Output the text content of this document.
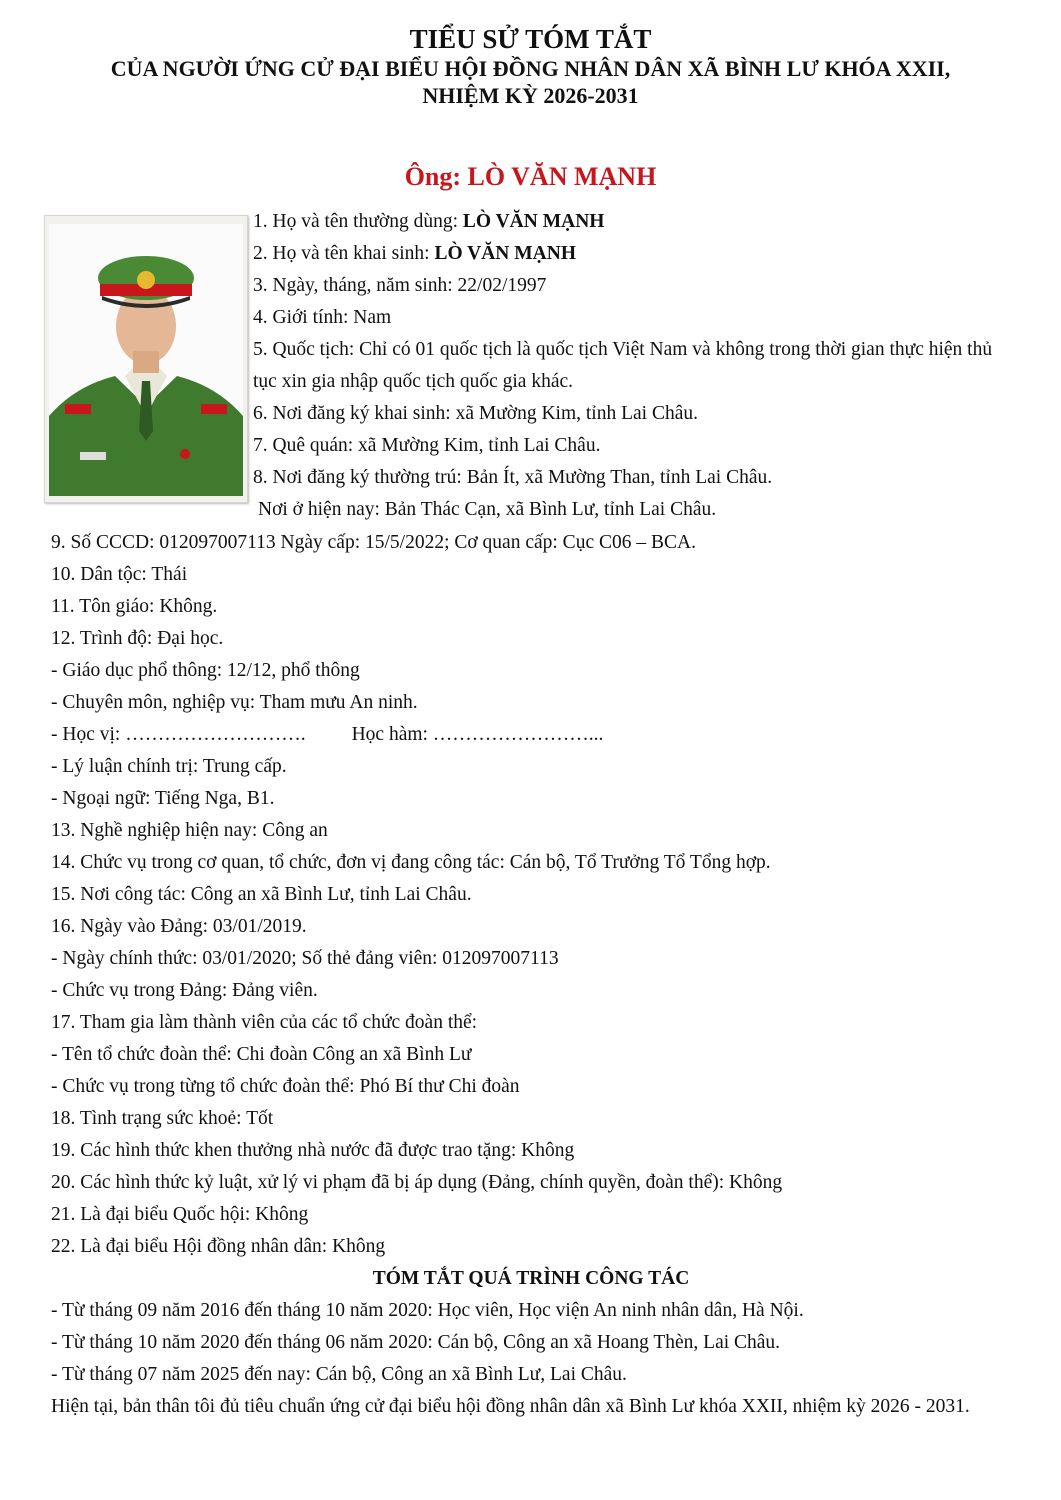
TIỂU SỬ TÓM TẮT
CỦA NGƯỜI ỨNG CỬ ĐẠI BIỂU HỘI ĐỒNG NHÂN DÂN XÃ BÌNH LƯ KHÓA XXII,
NHIỆM KỲ 2026-2031
Ông: LÒ VĂN MẠNH
1. Họ và tên thường dùng: LÒ VĂN MẠNH
2. Họ và tên khai sinh: LÒ VĂN MẠNH
3. Ngày, tháng, năm sinh: 22/02/1997
4. Giới tính: Nam
5. Quốc tịch: Chỉ có 01 quốc tịch là quốc tịch Việt Nam và không trong thời gian thực hiện thủ tục xin gia nhập quốc tịch quốc gia khác.
6. Nơi đăng ký khai sinh: xã Mường Kim, tỉnh Lai Châu.
7. Quê quán: xã Mường Kim, tỉnh Lai Châu.
8. Nơi đăng ký thường trú: Bản Ít, xã Mường Than, tỉnh Lai Châu.
Nơi ở hiện nay: Bản Thác Cạn, xã Bình Lư, tỉnh Lai Châu.
9. Số CCCD: 012097007113 Ngày cấp: 15/5/2022; Cơ quan cấp: Cục C06 – BCA.
10. Dân tộc: Thái
11. Tôn giáo: Không.
12. Trình độ: Đại học.
- Giáo dục phổ thông: 12/12, phổ thông
- Chuyên môn, nghiệp vụ: Tham mưu An ninh.
- Học vị: ………………………. Học hàm: ……………………...
- Lý luận chính trị: Trung cấp.
- Ngoại ngữ: Tiếng Nga, B1.
13. Nghề nghiệp hiện nay: Công an
14. Chức vụ trong cơ quan, tổ chức, đơn vị đang công tác: Cán bộ, Tổ Trưởng Tổ Tổng hợp.
15. Nơi công tác: Công an xã Bình Lư, tỉnh Lai Châu.
16. Ngày vào Đảng: 03/01/2019.
- Ngày chính thức: 03/01/2020; Số thẻ đảng viên: 012097007113
- Chức vụ trong Đảng: Đảng viên.
17. Tham gia làm thành viên của các tổ chức đoàn thể:
- Tên tổ chức đoàn thể: Chi đoàn Công an xã Bình Lư
- Chức vụ trong từng tổ chức đoàn thể: Phó Bí thư Chi đoàn
18. Tình trạng sức khoẻ: Tốt
19. Các hình thức khen thưởng nhà nước đã được trao tặng: Không
20. Các hình thức kỷ luật, xử lý vi phạm đã bị áp dụng (Đảng, chính quyền, đoàn thể): Không
21. Là đại biểu Quốc hội: Không
22. Là đại biểu Hội đồng nhân dân: Không
TÓM TẮT QUÁ TRÌNH CÔNG TÁC
- Từ tháng 09 năm 2016 đến tháng 10 năm 2020: Học viên, Học viện An ninh nhân dân, Hà Nội.
- Từ tháng 10 năm 2020 đến tháng 06 năm 2020: Cán bộ, Công an xã Hoang Thèn, Lai Châu.
- Từ tháng 07 năm 2025 đến nay: Cán bộ, Công an xã Bình Lư, Lai Châu.
Hiện tại, bản thân tôi đủ tiêu chuẩn ứng cử đại biểu hội đồng nhân dân xã Bình Lư khóa XXII, nhiệm kỳ 2026 - 2031.
